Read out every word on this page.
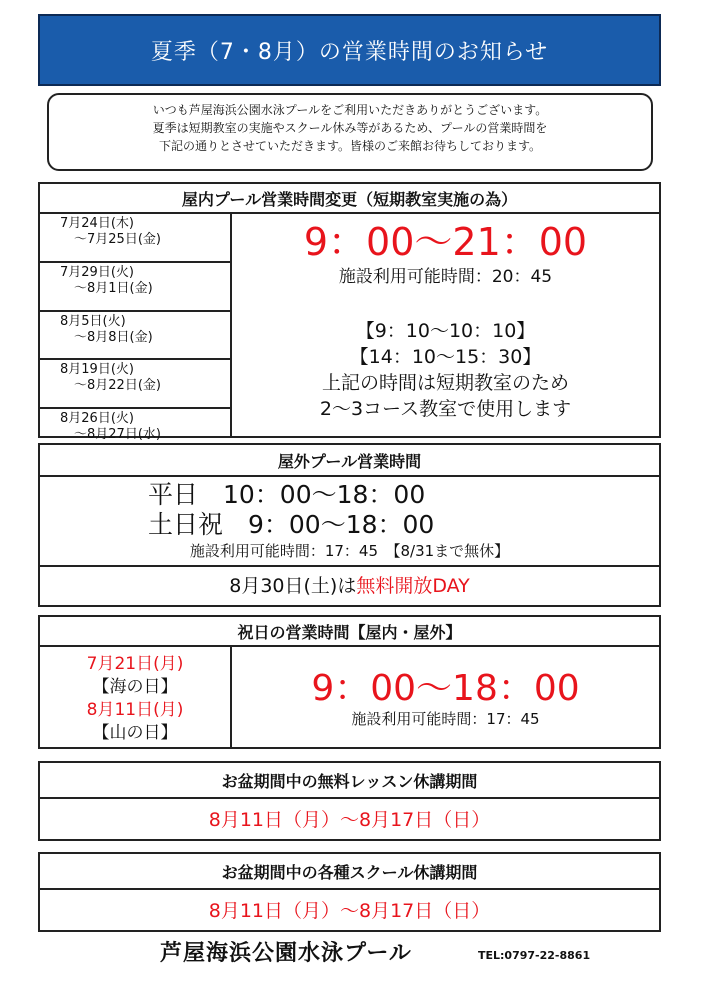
夏季（7・8月）の営業時間のお知らせ
いつも芦屋海浜公園水泳プールをご利用いただきありがとうございます。
夏季は短期教室の実施やスクール休み等があるため、プールの営業時間を
下記の通りとさせていただきます。皆様のご来館お待ちしております。
屋内プール営業時間変更（短期教室実施の為）
7月24日(木)
～7月25日(金)
7月29日(火)
～8月1日(金)
8月5日(火)
～8月8日(金)
8月19日(火)
～8月22日(金)
8月26日(火)
～8月27日(水)
9：00～21：00
施設利用可能時間：20：45
【9：10～10：10】
【14：10～15：30】
上記の時間は短期教室のため
2～3コース教室で使用します
屋外プール営業時間
平日　10：00～18：00
土日祝　9：00～18：00
施設利用可能時間：17：45　【8/31まで無休】
8月30日(土)は無料開放DAY
祝日の営業時間【屋内・屋外】
7月21日(月)
【海の日】
8月11日(月)
【山の日】
9：00～18：00
施設利用可能時間：17：45
お盆期間中の無料レッスン休講期間
8月11日（月）～8月17日（日）
お盆期間中の各種スクール休講期間
8月11日（月）～8月17日（日）
芦屋海浜公園水泳プール	TEL:0797-22-8861
